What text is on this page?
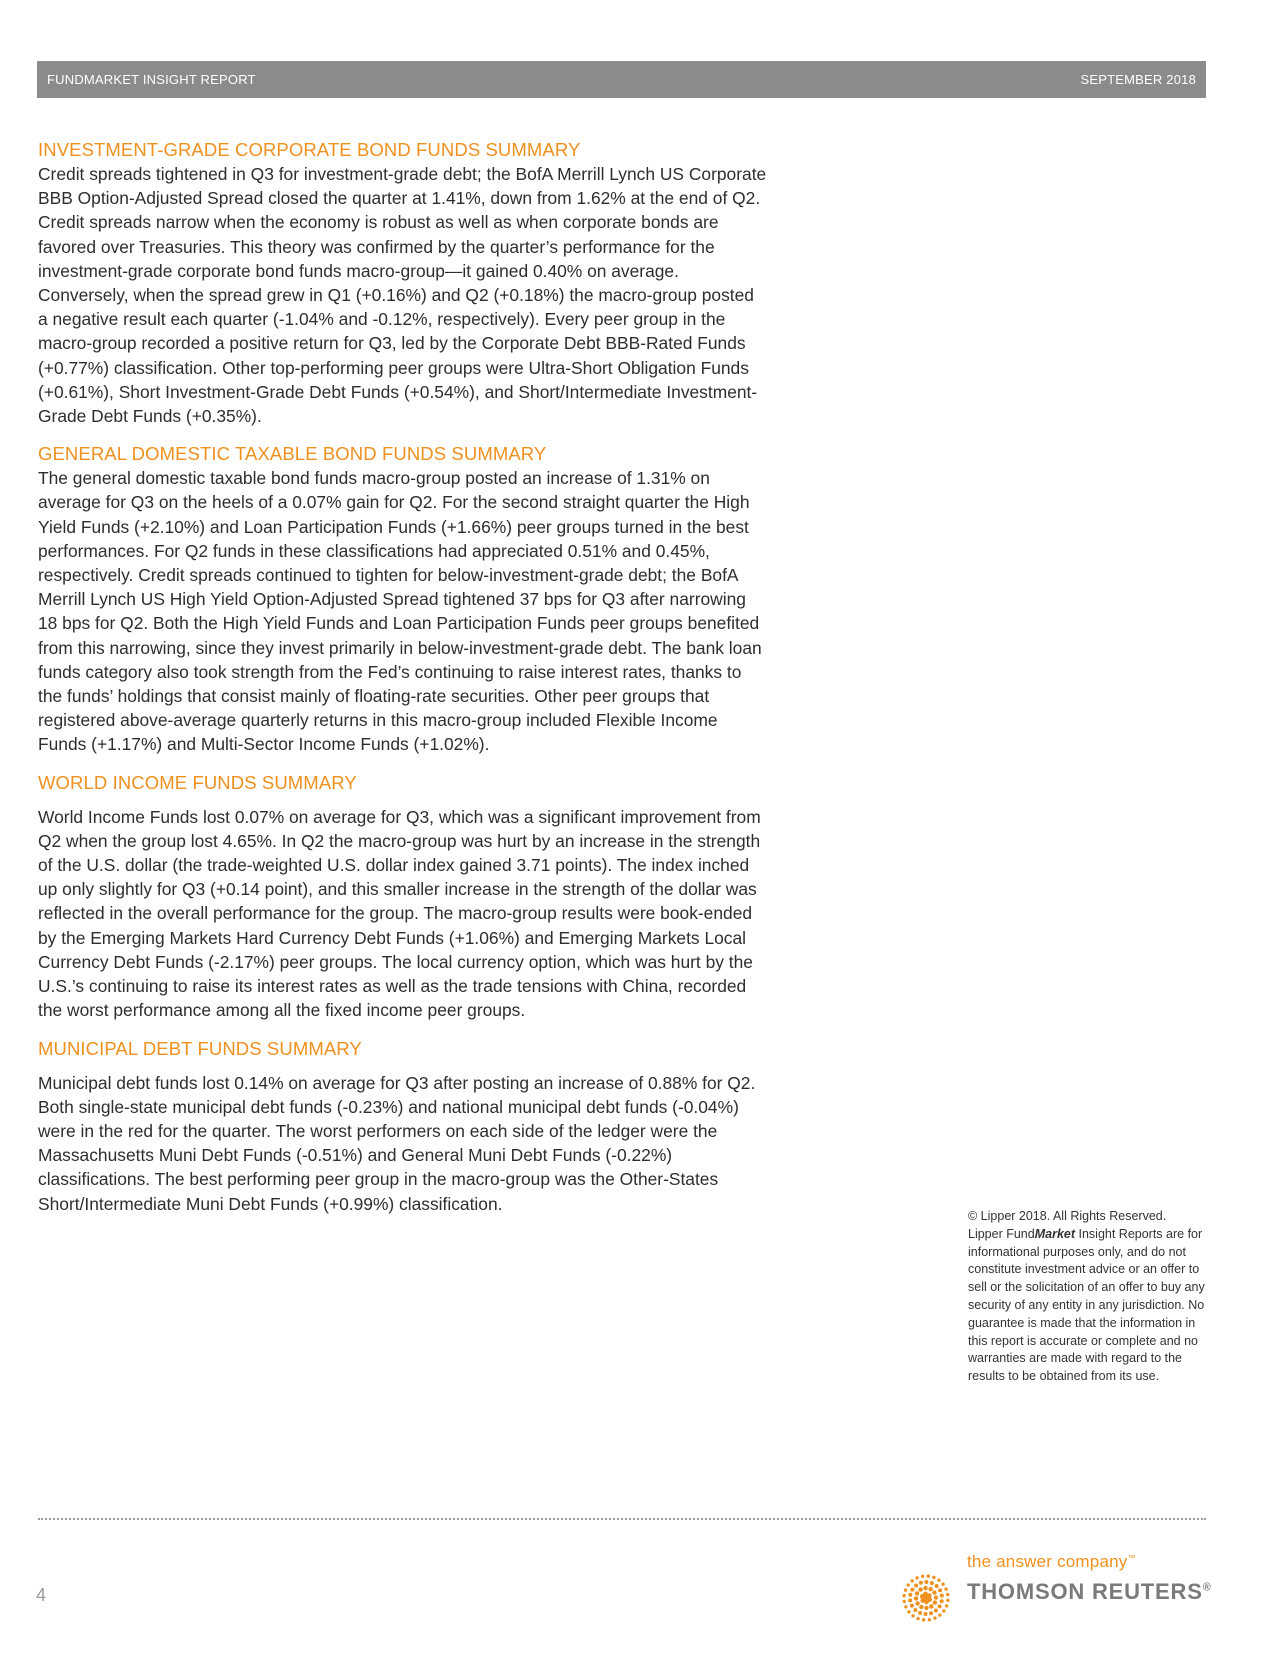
FUNDMARKET INSIGHT REPORT	SEPTEMBER 2018
INVESTMENT-GRADE CORPORATE BOND FUNDS SUMMARY

Credit spreads tightened in Q3 for investment-grade debt; the BofA Merrill Lynch US Corporate BBB Option-Adjusted Spread closed the quarter at 1.41%, down from 1.62% at the end of Q2. Credit spreads narrow when the economy is robust as well as when corporate bonds are favored over Treasuries. This theory was confirmed by the quarter’s performance for the investment-grade corporate bond funds macro-group—it gained 0.40% on average. Conversely, when the spread grew in Q1 (+0.16%) and Q2 (+0.18%) the macro-group posted a negative result each quarter (-1.04% and -0.12%, respectively). Every peer group in the macro-group recorded a positive return for Q3, led by the Corporate Debt BBB-Rated Funds (+0.77%) classification. Other top-performing peer groups were Ultra-Short Obligation Funds (+0.61%), Short Investment-Grade Debt Funds (+0.54%), and Short/Intermediate Investment-Grade Debt Funds (+0.35%).

GENERAL DOMESTIC TAXABLE BOND FUNDS SUMMARY

The general domestic taxable bond funds macro-group posted an increase of 1.31% on average for Q3 on the heels of a 0.07% gain for Q2. For the second straight quarter the High Yield Funds (+2.10%) and Loan Participation Funds (+1.66%) peer groups turned in the best performances. For Q2 funds in these classifications had appreciated 0.51% and 0.45%, respectively. Credit spreads continued to tighten for below-investment-grade debt; the BofA Merrill Lynch US High Yield Option-Adjusted Spread tightened 37 bps for Q3 after narrowing 18 bps for Q2. Both the High Yield Funds and Loan Participation Funds peer groups benefited from this narrowing, since they invest primarily in below-investment-grade debt. The bank loan funds category also took strength from the Fed’s continuing to raise interest rates, thanks to the funds’ holdings that consist mainly of floating-rate securities. Other peer groups that registered above-average quarterly returns in this macro-group included Flexible Income Funds (+1.17%) and Multi-Sector Income Funds (+1.02%).

WORLD INCOME FUNDS SUMMARY

World Income Funds lost 0.07% on average for Q3, which was a significant improvement from Q2 when the group lost 4.65%. In Q2 the macro-group was hurt by an increase in the strength of the U.S. dollar (the trade-weighted U.S. dollar index gained 3.71 points). The index inched up only slightly for Q3 (+0.14 point), and this smaller increase in the strength of the dollar was reflected in the overall performance for the group. The macro-group results were book-ended by the Emerging Markets Hard Currency Debt Funds (+1.06%) and Emerging Markets Local Currency Debt Funds (-2.17%) peer groups. The local currency option, which was hurt by the U.S.’s continuing to raise its interest rates as well as the trade tensions with China, recorded the worst performance among all the fixed income peer groups.

MUNICIPAL DEBT FUNDS SUMMARY

Municipal debt funds lost 0.14% on average for Q3 after posting an increase of 0.88% for Q2. Both single-state municipal debt funds (-0.23%) and national municipal debt funds (-0.04%) were in the red for the quarter. The worst performers on each side of the ledger were the Massachusetts Muni Debt Funds (-0.51%) and General Muni Debt Funds (-0.22%) classifications. The best performing peer group in the macro-group was the Other-States Short/Intermediate Muni Debt Funds (+0.99%) classification.

© Lipper 2018. All Rights Reserved.
Lipper FundMarket Insight Reports are for informational purposes only, and do not constitute investment advice or an offer to sell or the solicitation of an offer to buy any security of any entity in any jurisdiction. No guarantee is made that the information in this report is accurate or complete and no warranties are made with regard to the results to be obtained from its use.
4
the answer company™
THOMSON REUTERS®
